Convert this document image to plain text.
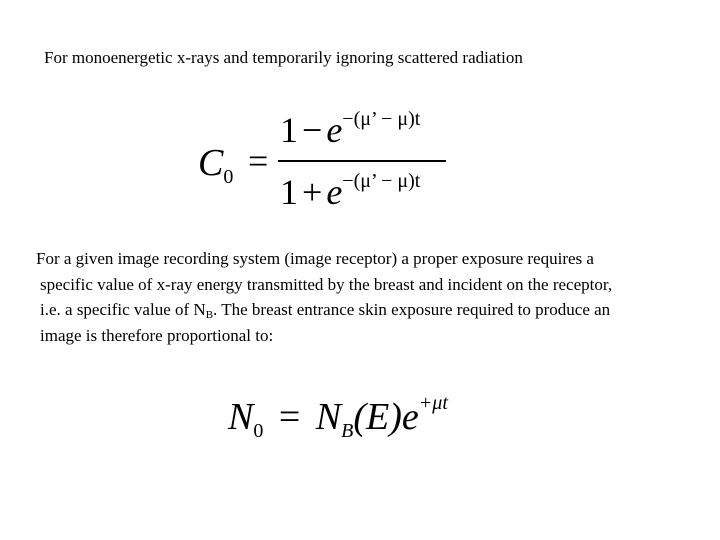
For monoenergetic x-rays and temporarily ignoring scattered radiation
$C_0$ =
$1 - e^{-(\mu’ - \mu)t}$
$1 + e^{-(\mu’ - \mu)t}$
For a given image recording system (image receptor) a proper exposure requires a
specific value of x-ray energy transmitted by the breast and incident on the receptor,
i.e. a specific value of $N_B$. The breast entrance skin exposure required to produce an
image is therefore proportional to:
$N_0 = N_B(E)e^{+\mu t}$
